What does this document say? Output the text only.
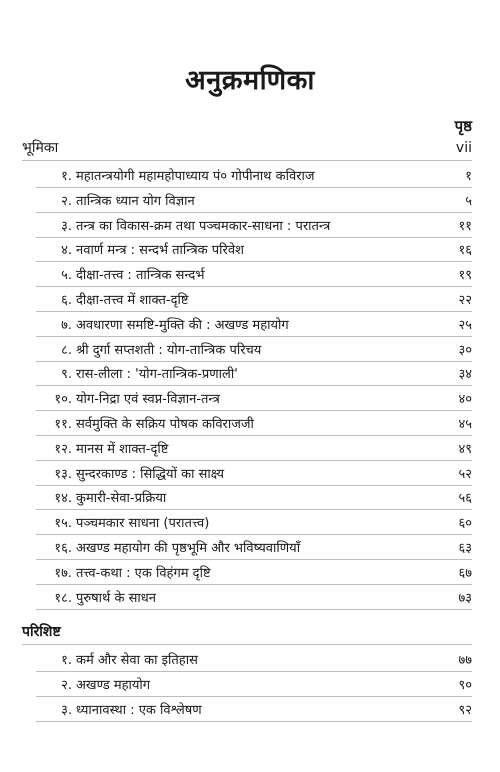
अनुक्रमणिका
पृष्ठ
भूमिका	vii
१. महातन्त्रयोगी महामहोपाध्याय पं० गोपीनाथ कविराज	१
२. तान्त्रिक ध्यान योग विज्ञान	५
३. तन्त्र का विकास-क्रम तथा पञ्चमकार-साधना : परातन्त्र	११
४. नवार्ण मन्त्र : सन्दर्भ तान्त्रिक परिवेश	१६
५. दीक्षा-तत्त्व : तान्त्रिक सन्दर्भ	१९
६. दीक्षा-तत्त्व में शाक्त-दृष्टि	२२
७. अवधारणा समष्टि-मुक्ति की : अखण्ड महायोग	२५
८. श्री दुर्गा सप्तशती : योग-तान्त्रिक परिचय	३०
९. रास-लीला : 'योग-तान्त्रिक-प्रणाली'	३४
१०. योग-निद्रा एवं स्वप्न-विज्ञान-तन्त्र	४०
११. सर्वमुक्ति के सक्रिय पोषक कविराजजी	४५
१२. मानस में शाक्त-दृष्टि	४९
१३. सुन्दरकाण्ड : सिद्धियों का साक्ष्य	५२
१४. कुमारी-सेवा-प्रक्रिया	५६
१५. पञ्चमकार साधना (परातत्त्व)	६०
१६. अखण्ड महायोग की पृष्ठभूमि और भविष्यवाणियाँ	६३
१७. तत्त्व-कथा : एक विहंगम दृष्टि	६७
१८. पुरुषार्थ के साधन	७३
परिशिष्ट
१. कर्म और सेवा का इतिहास	७७
२. अखण्ड महायोग	९०
३. ध्यानावस्था : एक विश्लेषण	९२
